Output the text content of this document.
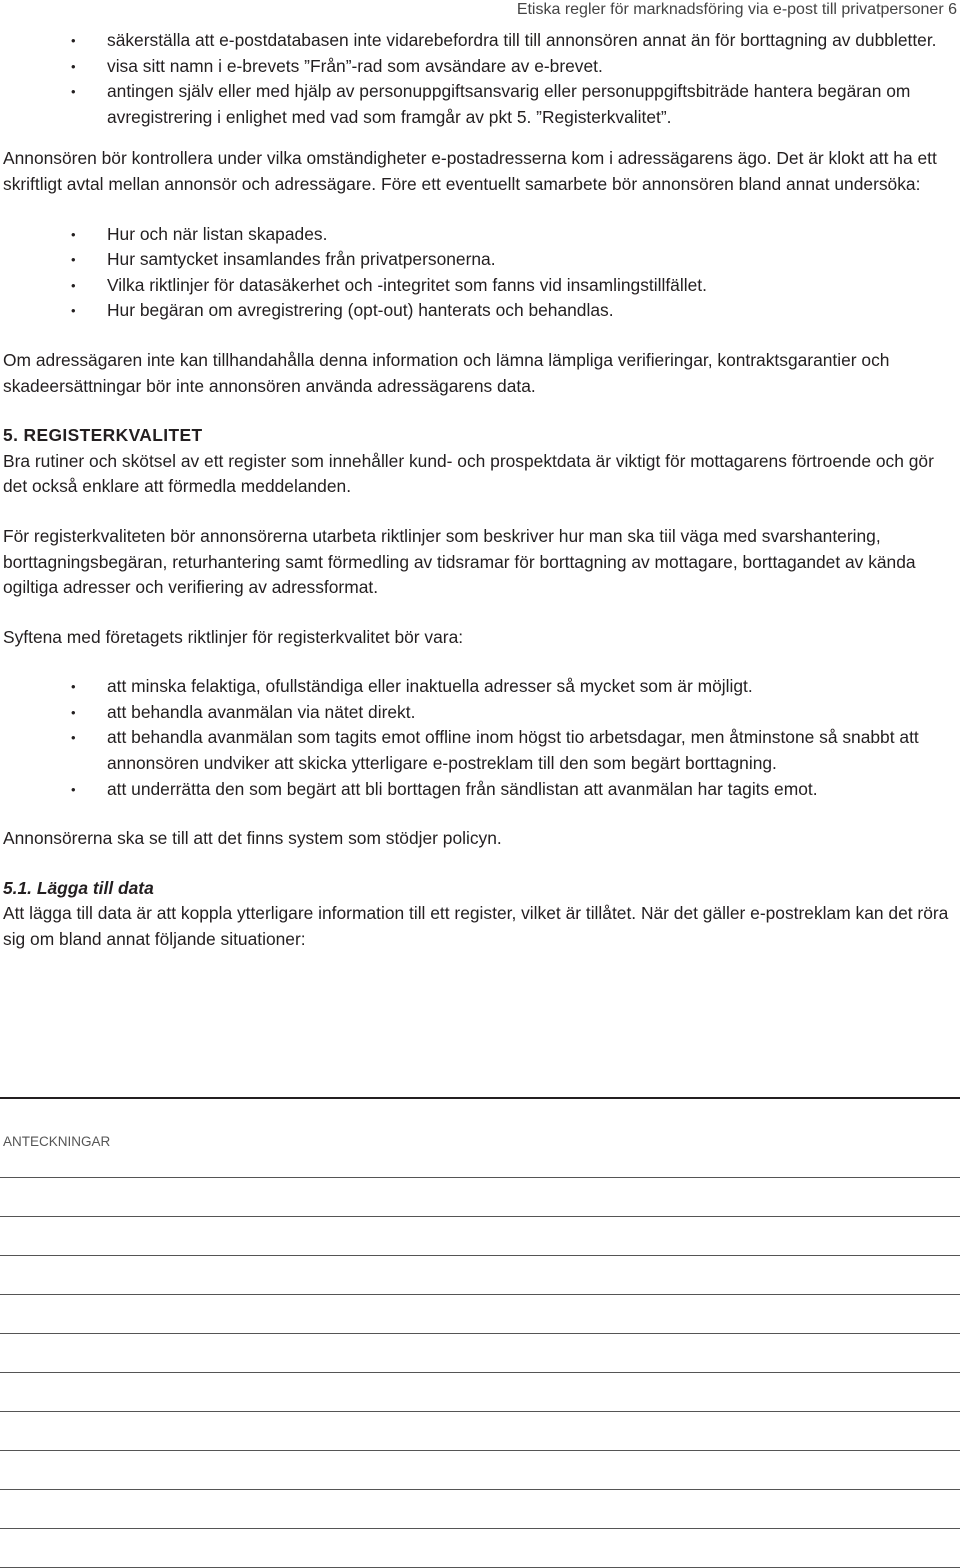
Etiska regler för marknadsföring via e-post till privatpersoner 6
• säkerställa att e-postdatabasen inte vidarebefordra till till annonsören annat än för borttagning av dubbletter.
• visa sitt namn i e-brevets ”Från”-rad som avsändare av e-brevet.
• antingen själv eller med hjälp av personuppgiftsansvarig eller personuppgiftsbiträde hantera begäran om avregistrering i enlighet med vad som framgår av pkt 5. ”Registerkvalitet”.

Annonsören bör kontrollera under vilka omständigheter e-postadresserna kom i adressägarens ägo. Det är klokt att ha ett skriftligt avtal mellan annonsör och adressägare. Före ett eventuellt samarbete bör annonsören bland annat undersöka:

• Hur och när listan skapades.
• Hur samtycket insamlandes från privatpersonerna.
• Vilka riktlinjer för datasäkerhet och -integritet som fanns vid insamlingstillfället.
• Hur begäran om avregistrering (opt-out) hanterats och behandlas.

Om adressägaren inte kan tillhandahålla denna information och lämna lämpliga verifieringar, kontraktsgarantier och skadeersättningar bör inte annonsören använda adressägarens data.

5. REGISTERKVALITET

Bra rutiner och skötsel av ett register som innehåller kund- och prospektdata är viktigt för mottagarens förtroende och gör det också enklare att förmedla meddelanden.

För registerkvaliteten bör annonsörerna utarbeta riktlinjer som beskriver hur man ska tiil väga med svarshantering, borttagningsbegäran, returhantering samt förmedling av tidsramar för borttagning av mottagare, borttagandet av kända ogiltiga adresser och verifiering av adressformat.

Syftena med företagets riktlinjer för registerkvalitet bör vara:

• att minska felaktiga, ofullständiga eller inaktuella adresser så mycket som är möjligt.
• att behandla avanmälan via nätet direkt.
• att behandla avanmälan som tagits emot offline inom högst tio arbetsdagar, men åtminstone så snabbt att annonsören undviker att skicka ytterligare e-postreklam till den som begärt borttagning.
• att underrätta den som begärt att bli borttagen från sändlistan att avanmälan har tagits emot.

Annonsörerna ska se till att det finns system som stödjer policyn.

5.1. Lägga till data

Att lägga till data är att koppla ytterligare information till ett register, vilket är tillåtet. När det gäller e-postreklam kan det röra sig om bland annat följande situationer:

ANTECKNINGAR
